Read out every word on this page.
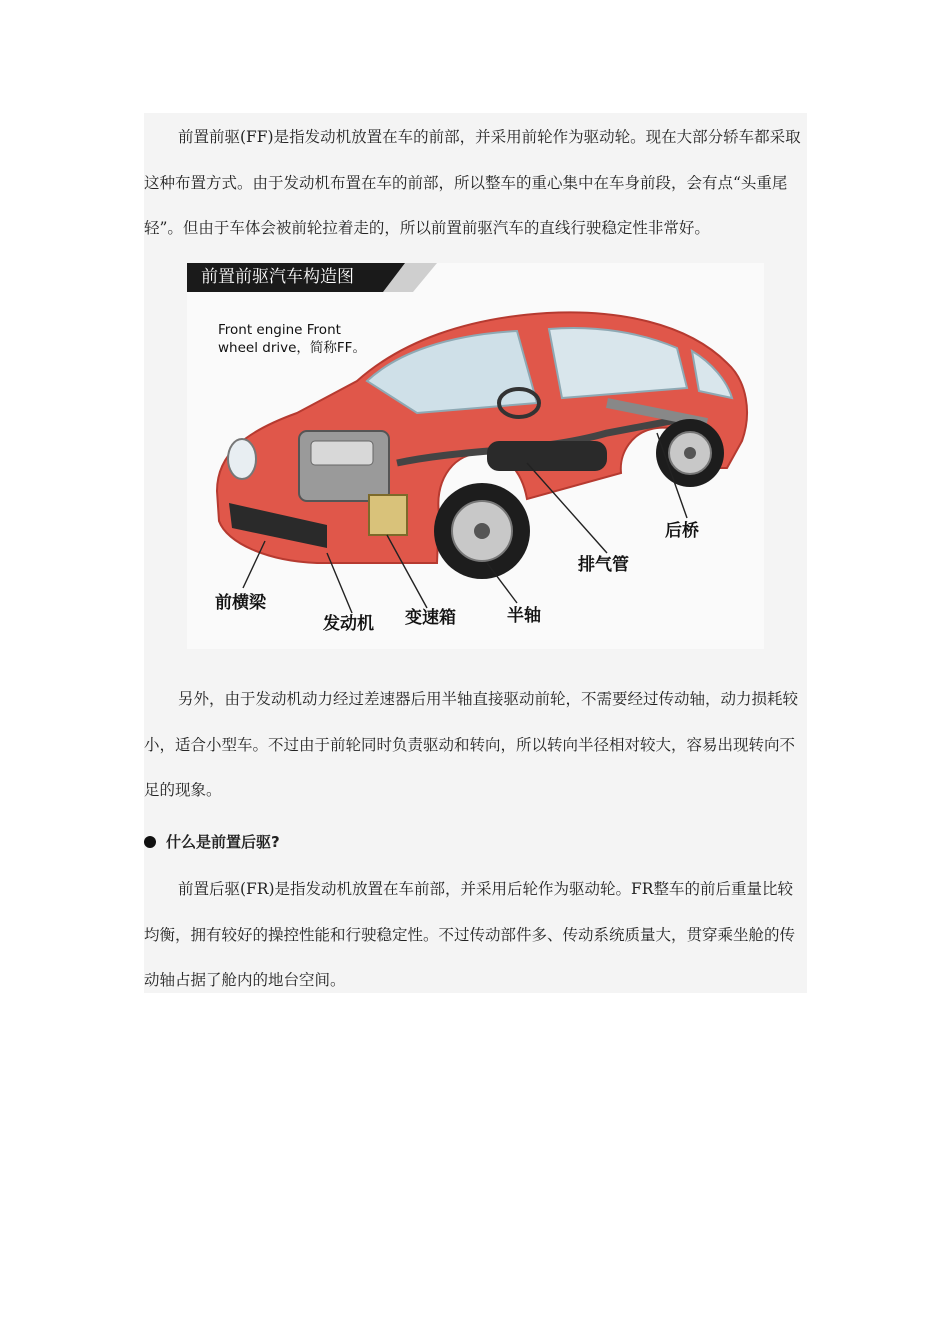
前置前驱(FF)是指发动机放置在车的前部，并采用前轮作为驱动轮。现在大部分轿车都采取这种布置方式。由于发动机布置在车的前部，所以整车的重心集中在车身前段，会有点“头重尾轻”。但由于车体会被前轮拉着走的，所以前置前驱汽车的直线行驶稳定性非常好。

前横梁
发动机 变速箱	半轴
排气管
后桥
前置前驱汽车构造图
Front engine Front
wheel drive，简称FF。

另外，由于发动机动力经过差速器后用半轴直接驱动前轮，不需要经过传动轴，动力损耗较小，适合小型车。不过由于前轮同时负责驱动和转向，所以转向半径相对较大，容易出现转向不足的现象。

什么是前置后驱?

前置后驱(FR)是指发动机放置在车前部，并采用后轮作为驱动轮。FR整车的前后重量比较均衡，拥有较好的操控性能和行驶稳定性。不过传动部件多、传动系统质量大，贯穿乘坐舱的传动轴占据了舱内的地台空间。
